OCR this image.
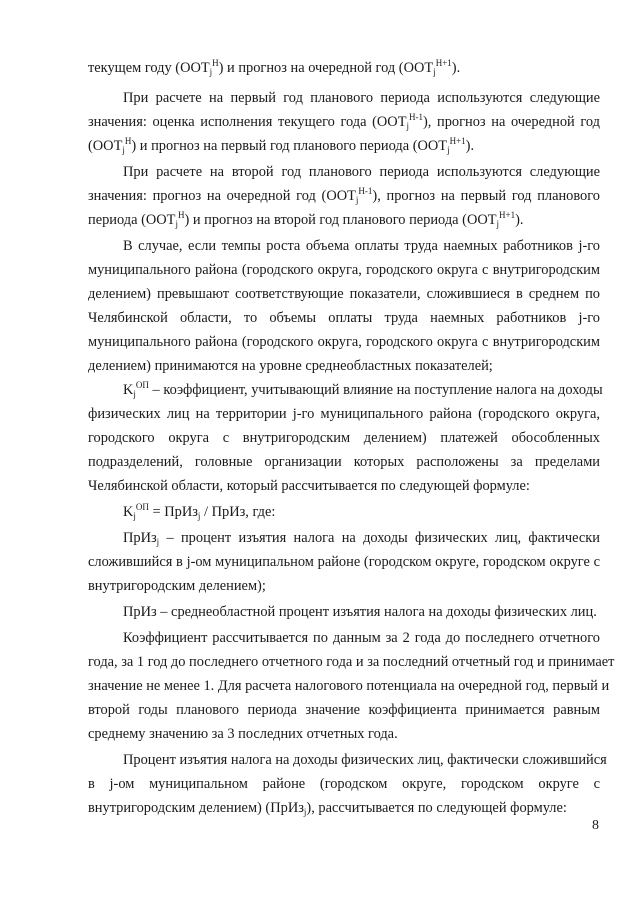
текущем году $(ООТ_j^Н)$ и прогноз на очередной год $(ООТ_j^{Н+1})$.
При расчете на первый год планового периода используются следующие
значения: оценка исполнения текущего года $(ООТ_j^{Н-1})$, прогноз на очередной год
$(ООТ_j^Н)$ и прогноз на первый год планового периода $(ООТ_j^{Н+1})$.
При расчете на второй год планового периода используются следующие
значения: прогноз на очередной год $(ООТ_j^{Н-1})$, прогноз на первый год планового
периода $(ООТ_j^Н)$ и прогноз на второй год планового периода $(ООТ_j^{Н+1})$.
В случае, если темпы роста объема оплаты труда наемных работников j-го
муниципального района (городского округа, городского округа с внутригородским
делением) превышают соответствующие показатели, сложившиеся в среднем по
Челябинской области, то объемы оплаты труда наемных работников j-го
муниципального района (городского округа, городского округа с внутригородским
делением) принимаются на уровне среднеобластных показателей;
$K_j^{ОП}$ – коэффициент, учитывающий влияние на поступление налога на доходы
физических лиц на территории j-го муниципального района (городского округа,
городского округа с внутригородским делением) платежей обособленных
подразделений, головные организации которых расположены за пределами
Челябинской области, который рассчитывается по следующей формуле:
$K_j^{ОП}$ = ПрИз$_j$ / ПрИз, где:
ПрИз$_j$ – процент изъятия налога на доходы физических лиц, фактически
сложившийся в j-ом муниципальном районе (городском округе, городском округе с
внутригородским делением);
ПрИз – среднеобластной процент изъятия налога на доходы физических лиц.
Коэффициент рассчитывается по данным за 2 года до последнего отчетного
года, за 1 год до последнего отчетного года и за последний отчетный год и принимает
значение не менее 1. Для расчета налогового потенциала на очередной год, первый и
второй годы планового периода значение коэффициента принимается равным
среднему значению за 3 последних отчетных года.
Процент изъятия налога на доходы физических лиц, фактически сложившийся
в j-ом муниципальном районе (городском округе, городском округе с
внутригородским делением) (ПрИз$_j$), рассчитывается по следующей формуле:
8
